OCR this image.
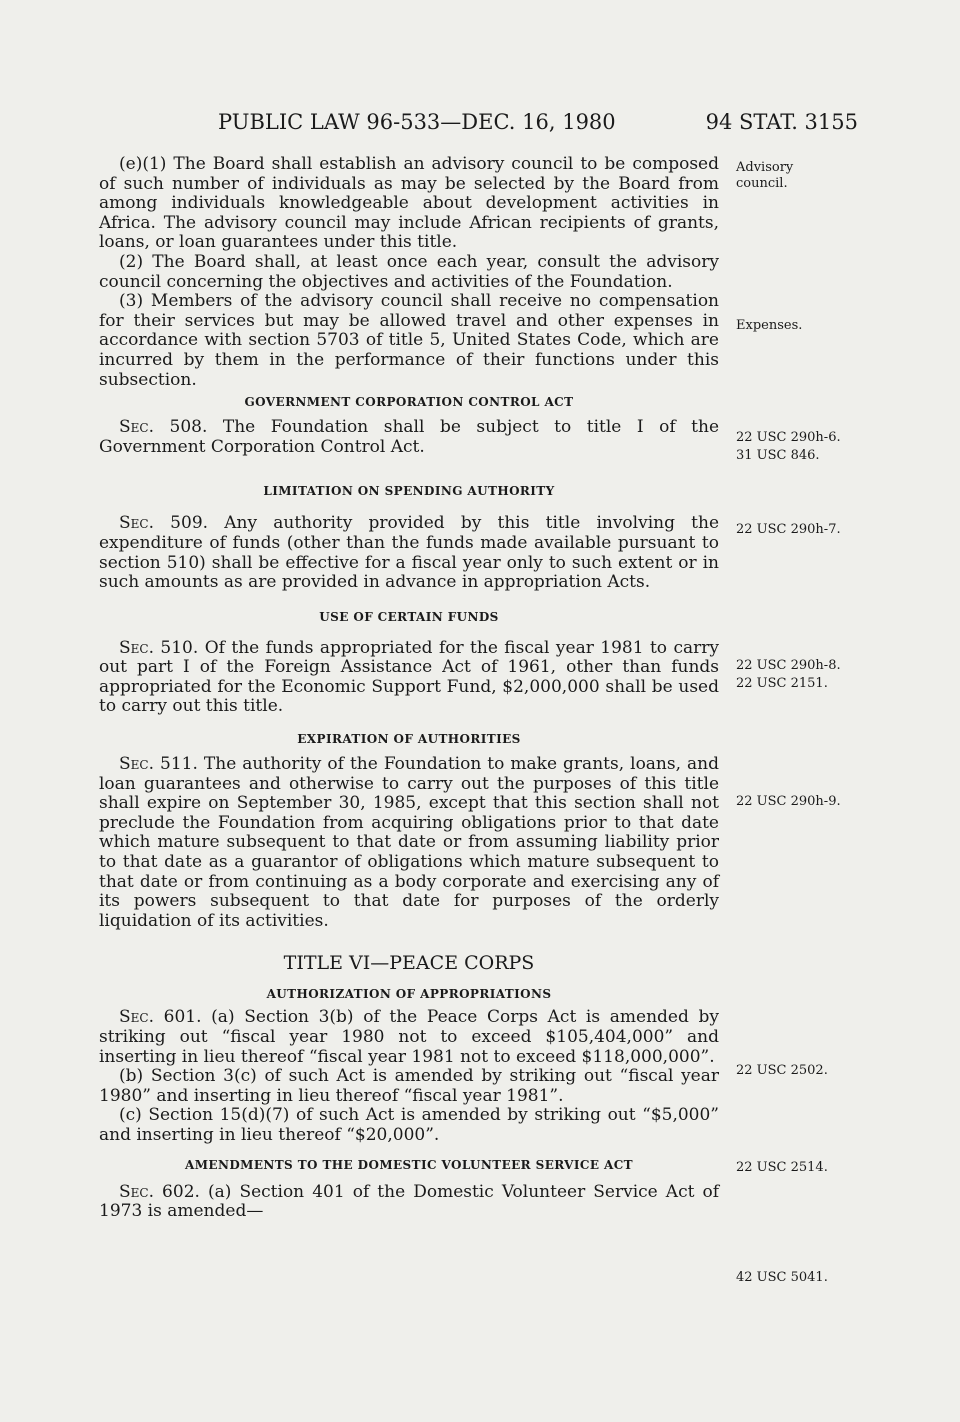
PUBLIC LAW 96-533—DEC. 16, 1980	94 STAT. 3155

(e)(1) The Board shall establish an advisory council to be composed of such number of individuals as may be selected by the Board from among individuals knowledgeable about development activities in Africa. The advisory council may include African recipients of grants, loans, or loan guarantees under this title.

(2) The Board shall, at least once each year, consult the advisory council concerning the objectives and activities of the Foundation.

(3) Members of the advisory council shall receive no compensation for their services but may be allowed travel and other expenses in accordance with section 5703 of title 5, United States Code, which are incurred by them in the performance of their functions under this subsection.

GOVERNMENT CORPORATION CONTROL ACT

Sec. 508. The Foundation shall be subject to title I of the Government Corporation Control Act.

LIMITATION ON SPENDING AUTHORITY

Sec. 509. Any authority provided by this title involving the expenditure of funds (other than the funds made available pursuant to section 510) shall be effective for a fiscal year only to such extent or in such amounts as are provided in advance in appropriation Acts.

USE OF CERTAIN FUNDS

Sec. 510. Of the funds appropriated for the fiscal year 1981 to carry out part I of the Foreign Assistance Act of 1961, other than funds appropriated for the Economic Support Fund, $2,000,000 shall be used to carry out this title.

EXPIRATION OF AUTHORITIES

Sec. 511. The authority of the Foundation to make grants, loans, and loan guarantees and otherwise to carry out the purposes of this title shall expire on September 30, 1985, except that this section shall not preclude the Foundation from acquiring obligations prior to that date which mature subsequent to that date or from assuming liability prior to that date as a guarantor of obligations which mature subsequent to that date or from continuing as a body corporate and exercising any of its powers subsequent to that date for purposes of the orderly liquidation of its activities.

TITLE VI—PEACE CORPS

AUTHORIZATION OF APPROPRIATIONS

Sec. 601. (a) Section 3(b) of the Peace Corps Act is amended by striking out “fiscal year 1980 not to exceed $105,404,000” and inserting in lieu thereof “fiscal year 1981 not to exceed $118,000,000”.

(b) Section 3(c) of such Act is amended by striking out “fiscal year 1980” and inserting in lieu thereof “fiscal year 1981”.

(c) Section 15(d)(7) of such Act is amended by striking out “$5,000” and inserting in lieu thereof “$20,000”.

AMENDMENTS TO THE DOMESTIC VOLUNTEER SERVICE ACT

Sec. 602. (a) Section 401 of the Domestic Volunteer Service Act of 1973 is amended—

Advisory
council.
Expenses.
22 USC 290h-6.
31 USC 846.
22 USC 290h-7.
22 USC 290h-8.
22 USC 2151.
22 USC 290h-9.
22 USC 2502.
22 USC 2514.
42 USC 5041.
